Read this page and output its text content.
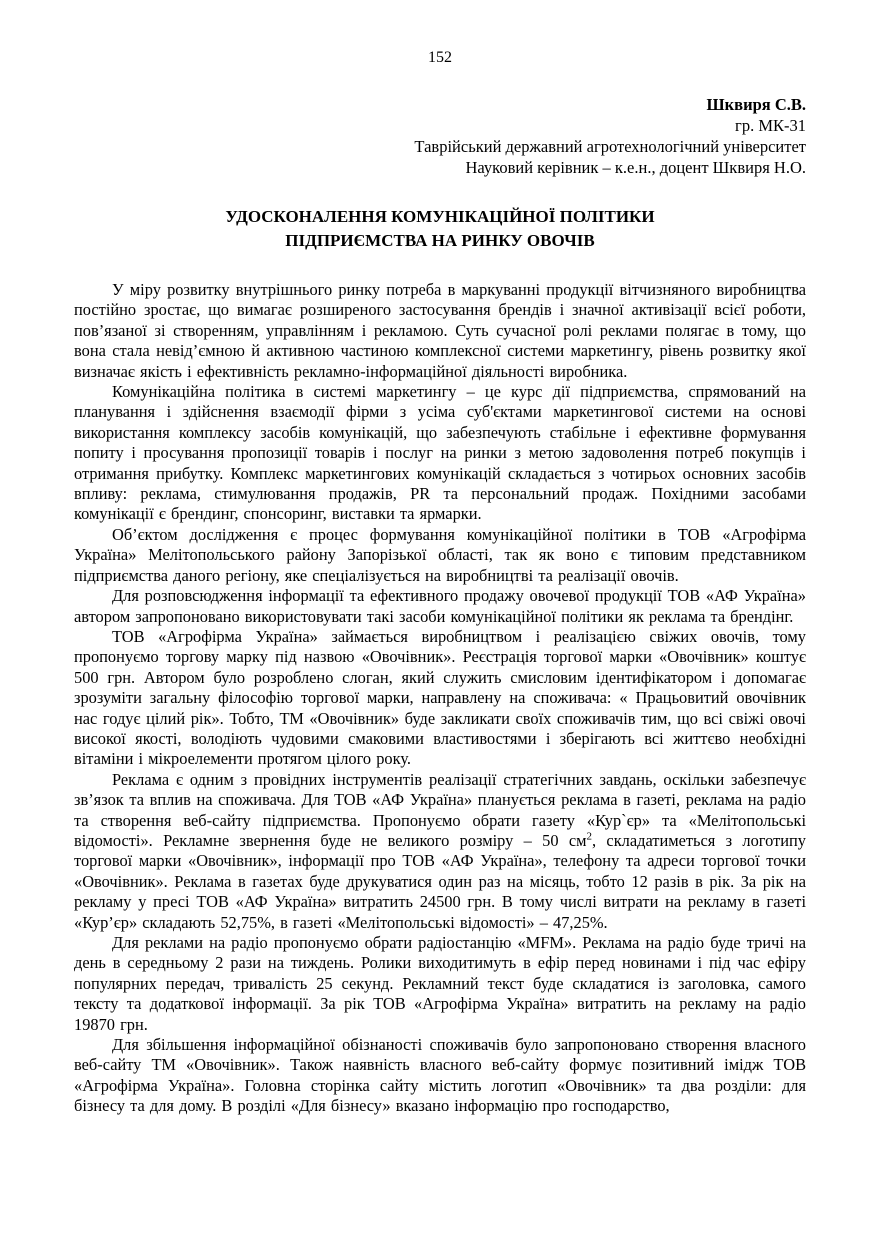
152
Шквиря С.В.
гр. МК-31
Таврійський державний агротехнологічний університет
Науковий керівник – к.е.н., доцент Шквиря Н.О.
УДОСКОНАЛЕННЯ КОМУНІКАЦІЙНОЇ ПОЛІТИКИ
ПІДПРИЄМСТВА НА РИНКУ ОВОЧІВ

У міру розвитку внутрішнього ринку потреба в маркуванні продукції вітчизняного виробництва постійно зростає, що вимагає розширеного застосування брендів і значної активізації всієї роботи, пов’язаної зі створенням, управлінням і рекламою. Суть сучасної ролі реклами полягає в тому, що вона стала невід’ємною й активною частиною комплексної системи маркетингу, рівень розвитку якої визначає якість і ефективність рекламно-інформаційної діяльності виробника.

Комунікаційна політика в системі маркетингу – це курс дії підприємства, спрямований на планування і здійснення взаємодії фірми з усіма суб'єктами маркетингової системи на основі використання комплексу засобів комунікацій, що забезпечують стабільне і ефективне формування попиту і просування пропозиції товарів і послуг на ринки з метою задоволення потреб покупців і отримання прибутку. Комплекс маркетингових комунікацій складається з чотирьох основних засобів впливу: реклама, стимулювання продажів, PR та персональний продаж. Похідними засобами комунікації є брендинг, спонсоринг, виставки та ярмарки.

Об’єктом дослідження є процес формування комунікаційної політики в ТОВ «Агрофірма Україна» Мелітопольського району Запорізької області, так як воно є типовим представником підприємства даного регіону, яке спеціалізується на виробництві та реалізації овочів.

Для розповсюдження інформації та ефективного продажу овочевої продукції ТОВ «АФ Україна» автором запропоновано використовувати такі засоби комунікаційної політики як реклама та брендінг.

ТОВ «Агрофірма Україна» займається виробництвом і реалізацією свіжих овочів, тому пропонуємо торгову марку під назвою «Овочівник». Реєстрація торгової марки «Овочівник» коштує 500 грн. Автором було розроблено слоган, який служить смисловим ідентифікатором і допомагає зрозуміти загальну філософію торгової марки, направлену на споживача: « Працьовитий овочівник нас годує цілий рік». Тобто, ТМ «Овочівник» буде закликати своїх споживачів тим, що всі свіжі овочі високої якості, володіють чудовими смаковими властивостями і зберігають всі життєво необхідні вітаміни і мікроелементи протягом цілого року.

Реклама є одним з провідних інструментів реалізації стратегічних завдань, оскільки забезпечує зв’язок та вплив на споживача. Для ТОВ «АФ Україна» планується реклама в газеті, реклама на радіо та створення веб-сайту підприємства. Пропонуємо обрати газету «Кур`єр» та «Мелітопольські відомості». Рекламне звернення буде не великого розміру – 50 $см^2$, складатиметься з логотипу торгової марки «Овочівник», інформації про ТОВ «АФ Україна», телефону та адреси торгової точки «Овочівник». Реклама в газетах буде друкуватися один раз на місяць, тобто 12 разів в рік. За рік на рекламу у пресі ТОВ «АФ Україна» витратить 24500 грн. В тому числі витрати на рекламу в газеті «Кур’єр» складають 52,75%, в газеті «Мелітопольські відомості» – 47,25%.

Для реклами на радіо пропонуємо обрати радіостанцію «MFM». Реклама на радіо буде тричі на день в середньому 2 рази на тиждень. Ролики виходитимуть в ефір перед новинами і під час ефіру популярних передач, тривалість 25 секунд. Рекламний текст буде складатися із заголовка, самого тексту та додаткової інформації. За рік ТОВ «Агрофірма Україна» витратить на рекламу на радіо 19870 грн.

Для збільшення інформаційної обізнаності споживачів було запропоновано створення власного веб-сайту ТМ «Овочівник». Також наявність власного веб-сайту формує позитивний імідж ТОВ «Агрофірма Україна». Головна сторінка сайту містить логотип «Овочівник» та два розділи: для бізнесу та для дому. В розділі «Для бізнесу» вказано інформацію про господарство,
